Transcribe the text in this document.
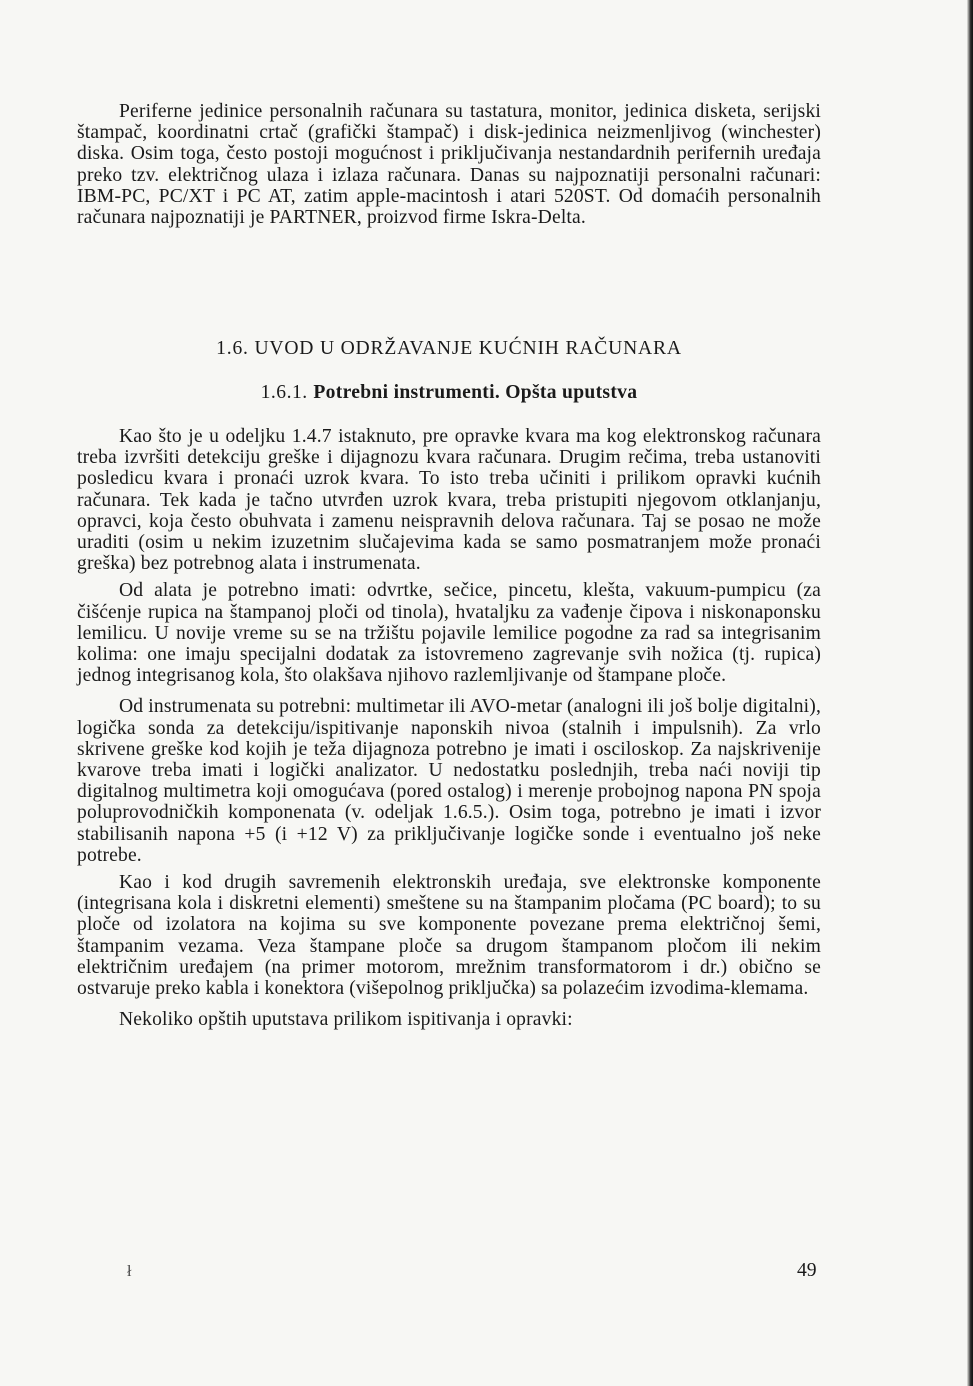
Periferne jedinice personalnih računara su tastatura, monitor, jedinica disketa, serijski štampač, koordinatni crtač (grafički štampač) i disk-jedinica neizmenljivog (winchester) diska. Osim toga, često postoji mogućnost i priključivanja nestandardnih perifernih uređaja preko tzv. električnog ulaza i izlaza računara. Danas su najpoznatiji personalni računari: IBM-PC, PC/XT i PC AT, zatim apple-macintosh i atari 520ST. Od domaćih personalnih računara najpoznatiji je PARTNER, proizvod firme Iskra-Delta.

1.6. UVOD U ODRŽAVANJE KUĆNIH RAČUNARA
1.6.1. Potrebni instrumenti. Opšta uputstva

Kao što je u odeljku 1.4.7 istaknuto, pre opravke kvara ma kog elektronskog računara treba izvršiti detekciju greške i dijagnozu kvara računara. Drugim rečima, treba ustanoviti posledicu kvara i pronaći uzrok kvara. To isto treba učiniti i prilikom opravki kućnih računara. Tek kada je tačno utvrđen uzrok kvara, treba pristupiti njegovom otklanjanju, opravci, koja često obuhvata i zamenu neispravnih delova računara. Taj se posao ne može uraditi (osim u nekim izuzetnim slučajevima kada se samo posmatranjem može pronaći greška) bez potrebnog alata i instrumenata.

Od alata je potrebno imati: odvrtke, sečice, pincetu, klešta, vakuum-pumpicu (za čišćenje rupica na štampanoj ploči od tinola), hvataljku za vađenje čipova i niskonaponsku lemilicu. U novije vreme su se na tržištu pojavile lemilice pogodne za rad sa integrisanim kolima: one imaju specijalni dodatak za istovremeno zagrevanje svih nožica (tj. rupica) jednog integrisanog kola, što olakšava njihovo razlemljivanje od štampane ploče.

Od instrumenata su potrebni: multimetar ili AVO-metar (analogni ili još bolje digitalni), logička sonda za detekciju/ispitivanje naponskih nivoa (stalnih i impulsnih). Za vrlo skrivene greške kod kojih je teža dijagnoza potrebno je imati i osciloskop. Za najskrivenije kvarove treba imati i logički analizator. U nedostatku poslednjih, treba naći noviji tip digitalnog multimetra koji omogućava (pored ostalog) i merenje probojnog napona PN spoja poluprovodničkih komponenata (v. odeljak 1.6.5.). Osim toga, potrebno je imati i izvor stabilisanih napona +5 (i +12 V) za priključivanje logičke sonde i eventualno još neke potrebe.

Kao i kod drugih savremenih elektronskih uređaja, sve elektronske komponente (integrisana kola i diskretni elementi) smeštene su na štampanim pločama (PC board); to su ploče od izolatora na kojima su sve komponente povezane prema električnoj šemi, štampanim vezama. Veza štampane ploče sa drugom štampanom pločom ili nekim električnim uređajem (na primer motorom, mrežnim transformatorom i dr.) obično se ostvaruje preko kabla i konektora (višepolnog priključka) sa polazećim izvodima-klemama.

Nekoliko opštih uputstava prilikom ispitivanja i opravki:

ł	49
